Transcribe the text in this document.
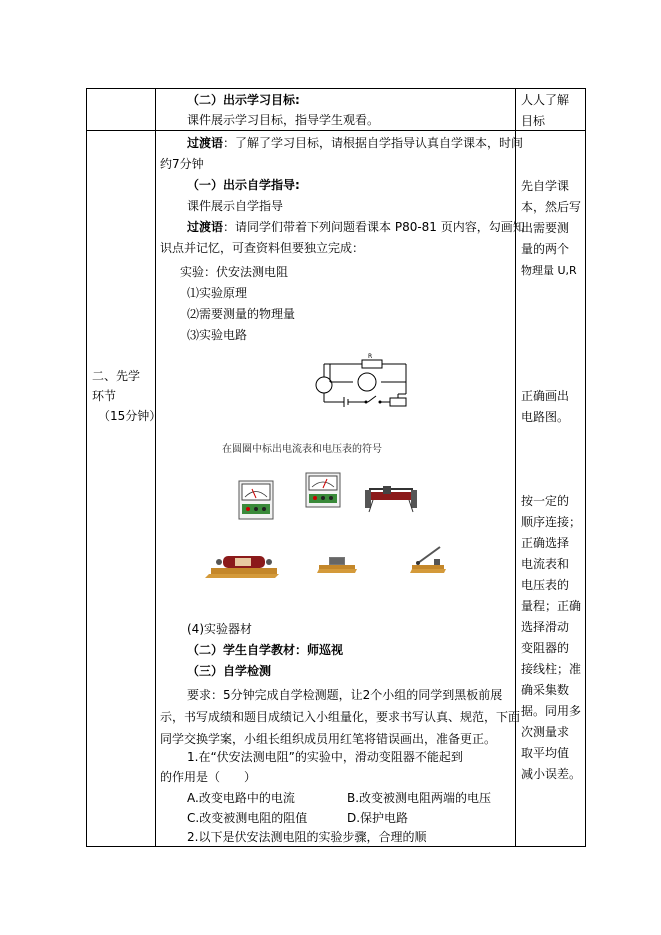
（二）出示学习目标:
课件展示学习目标，指导学生观看。
人人了解
目标
二、先学
环节
（15分钟）
过渡语：了解了学习目标，请根据自学指导认真自学课本，时间
约7分钟
（一）出示自学指导:
课件展示自学指导
过渡语：请同学们带着下列问题看课本 P80-81 页内容，勾画知
识点并记忆，可查资料但要独立完成：
实验：伏安法测电阻
⑴实验原理
⑵需要测量的物理量
⑶实验电路
R
在圆圈中标出电流表和电压表的符号
(4)实验器材
（二）学生自学教材：师巡视
（三）自学检测
要求：5分钟完成自学检测题，让2个小组的同学到黑板前展
示，书写成绩和题目成绩记入小组量化，要求书写认真、规范，下面
同学交换学案，小组长组织成员用红笔将错误画出，准备更正。
1.在“伏安法测电阻”的实验中，滑动变阻器不能起到
的作用是（　　）
A.改变电路中的电流	B.改变被测电阻两端的电压
C.改变被测电阻的阻值	D.保护电路
2.以下是伏安法测电阻的实验步骤，合理的顺
先自学课
本，然后写
出需要测
量的两个
物理量 U,R
正确画出
电路图。
按一定的
顺序连接；
正确选择
电流表和
电压表的
量程；正确
选择滑动
变阻器的
接线柱；准
确采集数
据。同用多
次测量求
取平均值
减小误差。
